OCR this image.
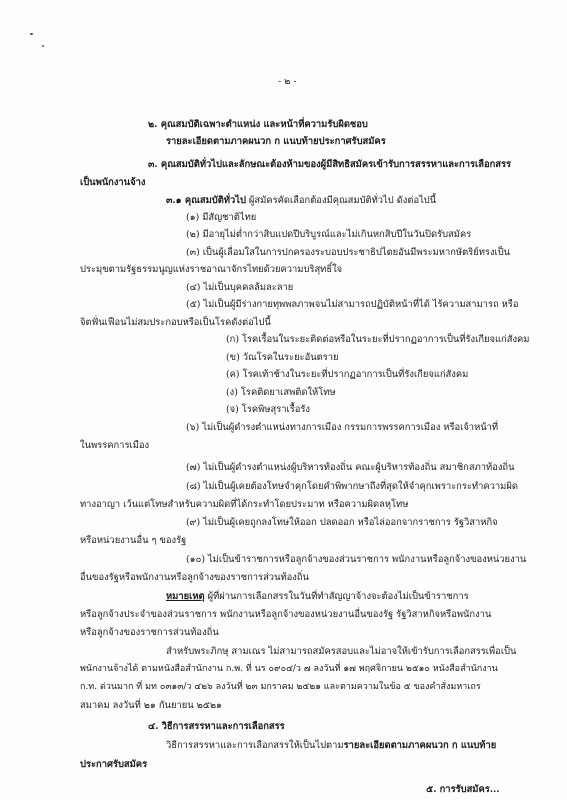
- ๒ -
๒. คุณสมบัติเฉพาะตำแหน่ง และหน้าที่ความรับผิดชอบ
รายละเอียดตามภาคผนวก ก แนบท้ายประกาศรับสมัคร
๓. คุณสมบัติทั่วไปและลักษณะต้องห้ามของผู้มีสิทธิสมัครเข้ารับการสรรหาและการเลือกสรร
เป็นพนักงานจ้าง
๓.๑ คุณสมบัติทั่วไป ผู้สมัครคัดเลือกต้องมีคุณสมบัติทั่วไป ดังต่อไปนี้
(๑) มีสัญชาติไทย
(๒) มีอายุไม่ต่ำกว่าสิบแปดปีบริบูรณ์และไม่เกินหกสิบปีในวันปิดรับสมัคร
(๓) เป็นผู้เลื่อมใสในการปกครองระบอบประชาธิปไตยอันมีพระมหากษัตริย์ทรงเป็น
ประมุขตามรัฐธรรมนูญแห่งราชอาณาจักรไทยด้วยความบริสุทธิ์ใจ
(๔) ไม่เป็นบุคคลล้มละลาย
(๕) ไม่เป็นผู้มีร่างกายทุพพลภาพจนไม่สามารถปฏิบัติหน้าที่ได้ ไร้ความสามารถ หรือ
จิตฟั่นเฟือนไม่สมประกอบหรือเป็นโรคดังต่อไปนี้
(ก) โรคเรื้อนในระยะติดต่อหรือในระยะที่ปรากฏอาการเป็นที่รังเกียจแก่สังคม
(ข) วัณโรคในระยะอันตราย
(ค) โรคเท้าช้างในระยะที่ปรากฏอาการเป็นที่รังเกียจแก่สังคม
(ง) โรคติดยาเสพติดให้โทษ
(จ) โรคพิษสุราเรื้อรัง
(๖) ไม่เป็นผู้ดำรงตำแหน่งทางการเมือง กรรมการพรรคการเมือง หรือเจ้าหน้าที่
ในพรรคการเมือง
(๗) ไม่เป็นผู้ดำรงตำแหน่งผู้บริหารท้องถิ่น คณะผู้บริหารท้องถิ่น สมาชิกสภาท้องถิ่น
(๘) ไม่เป็นผู้เคยต้องโทษจำคุกโดยคำพิพากษาถึงที่สุดให้จำคุกเพราะกระทำความผิด
ทางอาญา เว้นแต่โทษสำหรับความผิดที่ได้กระทำโดยประมาท หรือความผิดลหุโทษ
(๙) ไม่เป็นผู้เคยถูกลงโทษให้ออก ปลดออก หรือไล่ออกจากราชการ รัฐวิสาหกิจ
หรือหน่วยงานอื่น ๆ ของรัฐ
(๑๐) ไม่เป็นข้าราชการหรือลูกจ้างของส่วนราชการ พนักงานหรือลูกจ้างของหน่วยงาน
อื่นของรัฐหรือพนักงานหรือลูกจ้างของราชการส่วนท้องถิ่น
หมายเหตุ ผู้ที่ผ่านการเลือกสรรในวันที่ทำสัญญาจ้างจะต้องไม่เป็นข้าราชการ
หรือลูกจ้างประจำของส่วนราชการ พนักงานหรือลูกจ้างของหน่วยงานอื่นของรัฐ รัฐวิสาหกิจหรือพนักงาน
หรือลูกจ้างของราชการส่วนท้องถิ่น
สำหรับพระภิกษุ สามเณร ไม่สามารถสมัครสอบและไม่อาจให้เข้ารับการเลือกสรรเพื่อเป็น
พนักงานจ้างได้ ตามหนังสือสำนักงาน ก.พ. ที่ นร ๐๙๐๔/ว ๗ ลงวันที่ ๑๗ พฤศจิกายน ๒๕๑๐ หนังสือสำนักงาน
ก.ท. ด่วนมาก ที่ มท ๐๓๑๓/ว ๔๒๖ ลงวันที่ ๒๓ มกราคม ๒๕๒๑ และตามความในข้อ ๕ ของคำสั่งมหาเถร
สมาคม ลงวันที่ ๒๑ กันยายน ๒๕๒๑
๔. วิธีการสรรหาและการเลือกสรร
วิธีการสรรหาและการเลือกสรรให้เป็นไปตามรายละเอียดตามภาคผนวก ก แนบท้าย
ประกาศรับสมัคร
๕. การรับสมัคร...
